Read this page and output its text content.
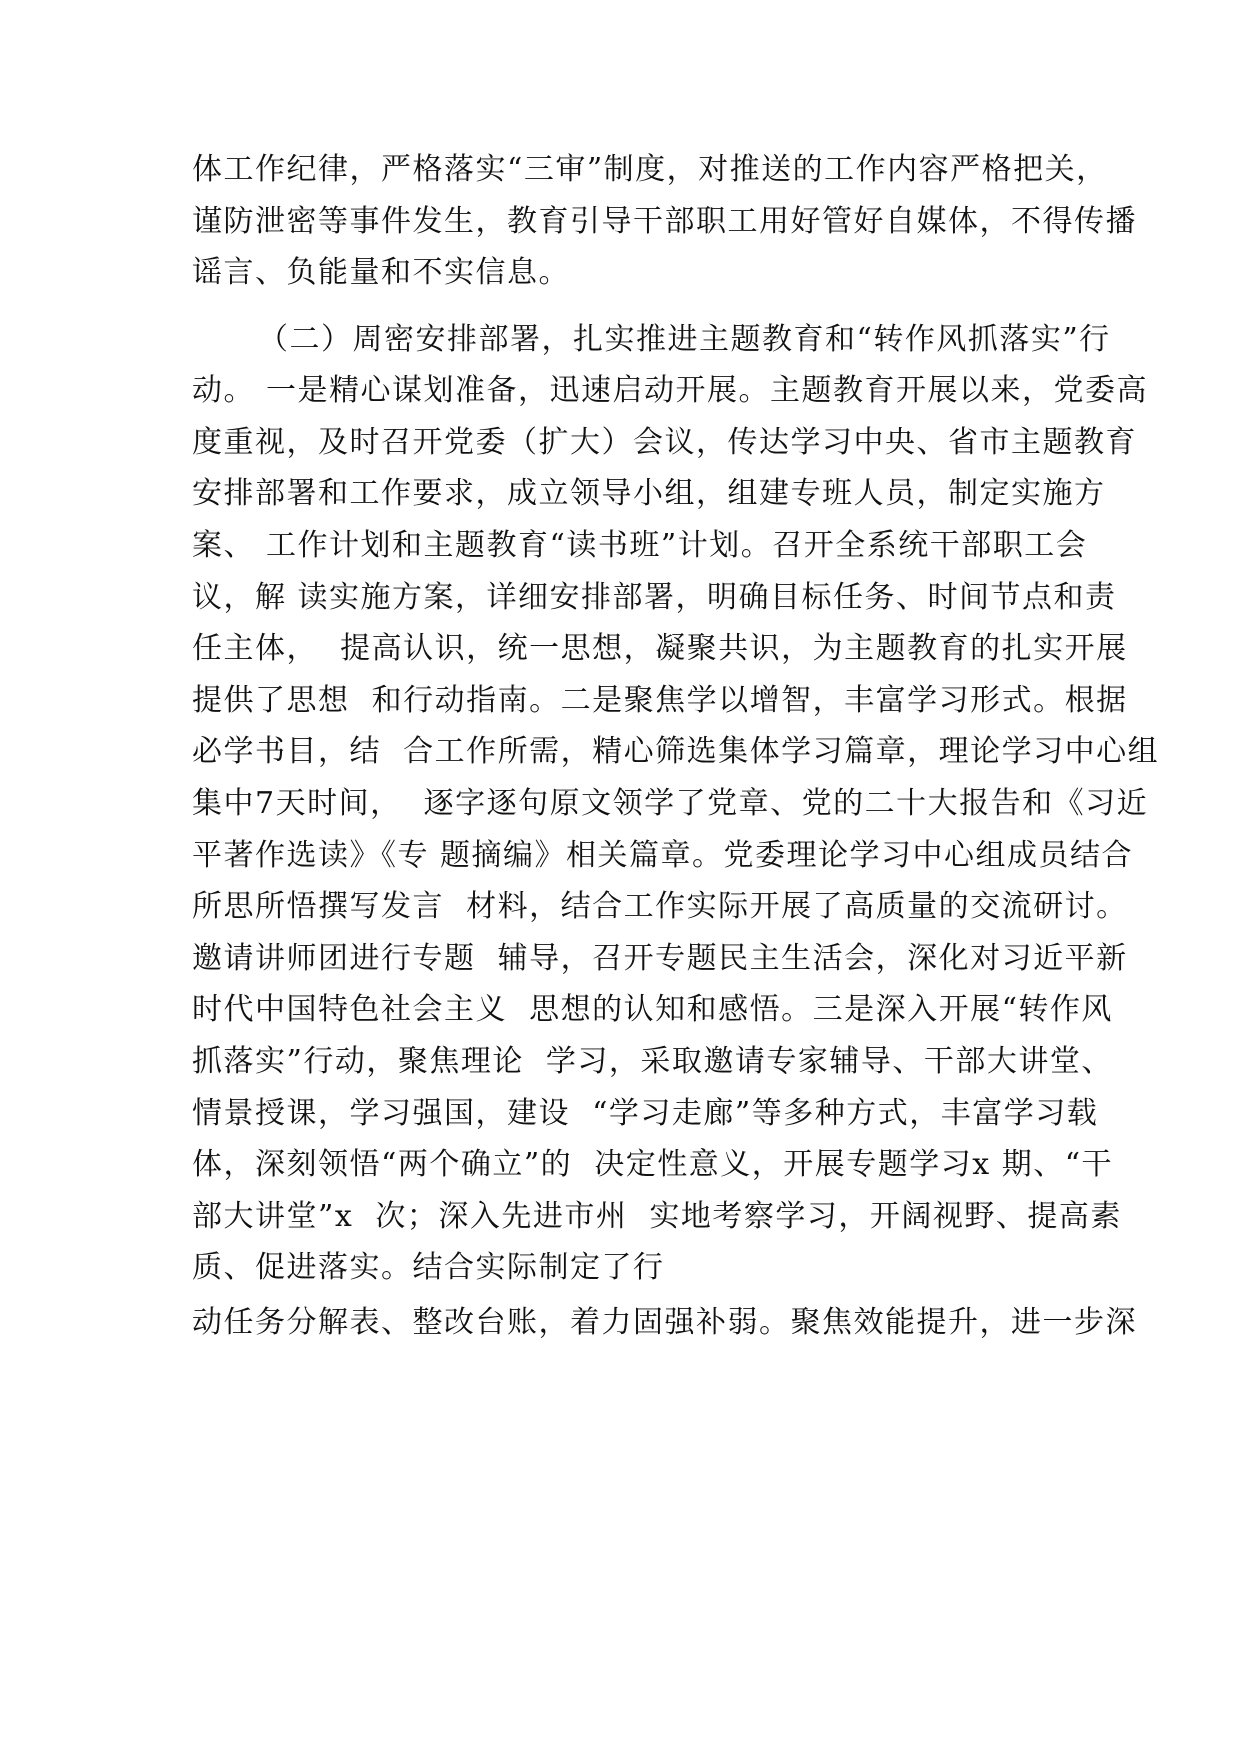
体工作纪律，严格落实“三审”制度，对推送的工作内容严格把关，

谨防泄密等事件发生，教育引导干部职工用好管好自媒体，不得传播

谣言、负能量和不实信息。

（二）周密安排部署，扎实推进主题教育和“转作风抓落实”行

动。 一是精心谋划准备，迅速启动开展。主题教育开展以来，党委高

度重视，及时召开党委（扩大）会议，传达学习中央、省市主题教育

安排部署和工作要求，成立领导小组，组建专班人员，制定实施方

案、 工作计划和主题教育“读书班”计划。召开全系统干部职工会

议，解 读实施方案，详细安排部署，明确目标任务、时间节点和责

任主体，  提高认识，统一思想，凝聚共识，为主题教育的扎实开展

提供了思想  和行动指南。二是聚焦学以增智，丰富学习形式。根据

必学书目，结  合工作所需，精心筛选集体学习篇章，理论学习中心组

集中7天时间，  逐字逐句原文领学了党章、党的二十大报告和《习近

平著作选读》《专 题摘编》相关篇章。党委理论学习中心组成员结合

所思所悟撰写发言  材料，结合工作实际开展了高质量的交流研讨。

邀请讲师团进行专题  辅导，召开专题民主生活会，深化对习近平新

时代中国特色社会主义  思想的认知和感悟。三是深入开展“转作风

抓落实”行动，聚焦理论  学习，采取邀请专家辅导、干部大讲堂、

情景授课，学习强国，建设  “学习走廊”等多种方式，丰富学习载

体，深刻领悟“两个确立”的  决定性意义，开展专题学习x 期、“干

部大讲堂”x  次；深入先进市州  实地考察学习，开阔视野、提高素

质、促进落实。结合实际制定了行

动任务分解表、整改台账，着力固强补弱。聚焦效能提升，进一步深
